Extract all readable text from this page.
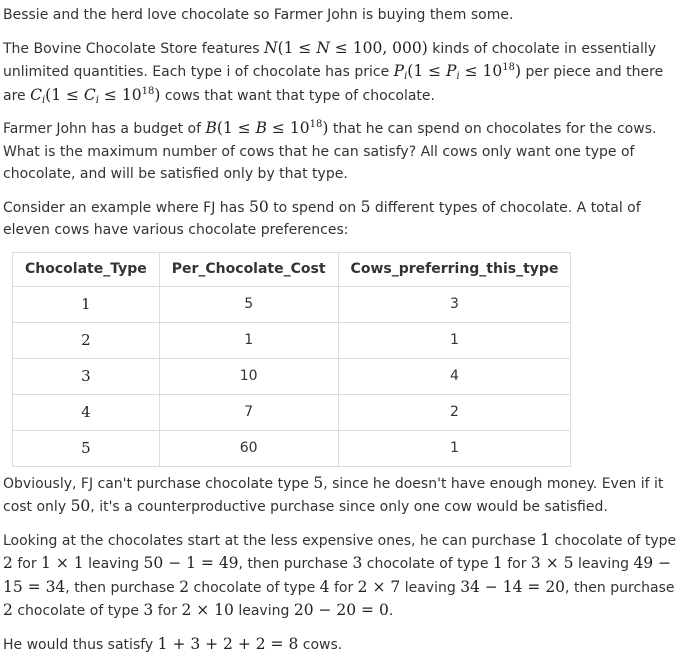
Bessie and the herd love chocolate so Farmer John is buying them some.

The Bovine Chocolate Store features N(1 ≤ N ≤ 100, 000) kinds of chocolate in essentially unlimited quantities. Each type i of chocolate has price $P_i(1 \le P_i \le 10^{18})$ per piece and there are $C_i(1 \le C_i \le 10^{18})$ cows that want that type of chocolate.

Farmer John has a budget of $B(1 \le B \le 10^{18})$ that he can spend on chocolates for the cows. What is the maximum number of cows that he can satisfy? All cows only want one type of chocolate, and will be satisfied only by that type.

Consider an example where FJ has 50 to spend on 5 different types of chocolate. A total of eleven cows have various chocolate preferences:

Chocolate_Type	Per_Chocolate_Cost	Cows_preferring_this_type
1	5	3
2	1	1
3	10	4
4	7	2
5	60	1

Obviously, FJ can't purchase chocolate type 5, since he doesn't have enough money. Even if it cost only 50, it's a counterproductive purchase since only one cow would be satisfied.

Looking at the chocolates start at the less expensive ones, he can purchase 1 chocolate of type 2 for 1 × 1 leaving 50 − 1 = 49, then purchase 3 chocolate of type 1 for 3 × 5 leaving 49 − 15 = 34, then purchase 2 chocolate of type 4 for 2 × 7 leaving 34 − 14 = 20, then purchase 2 chocolate of type 3 for 2 × 10 leaving 20 − 20 = 0.

He would thus satisfy 1 + 3 + 2 + 2 = 8 cows.
